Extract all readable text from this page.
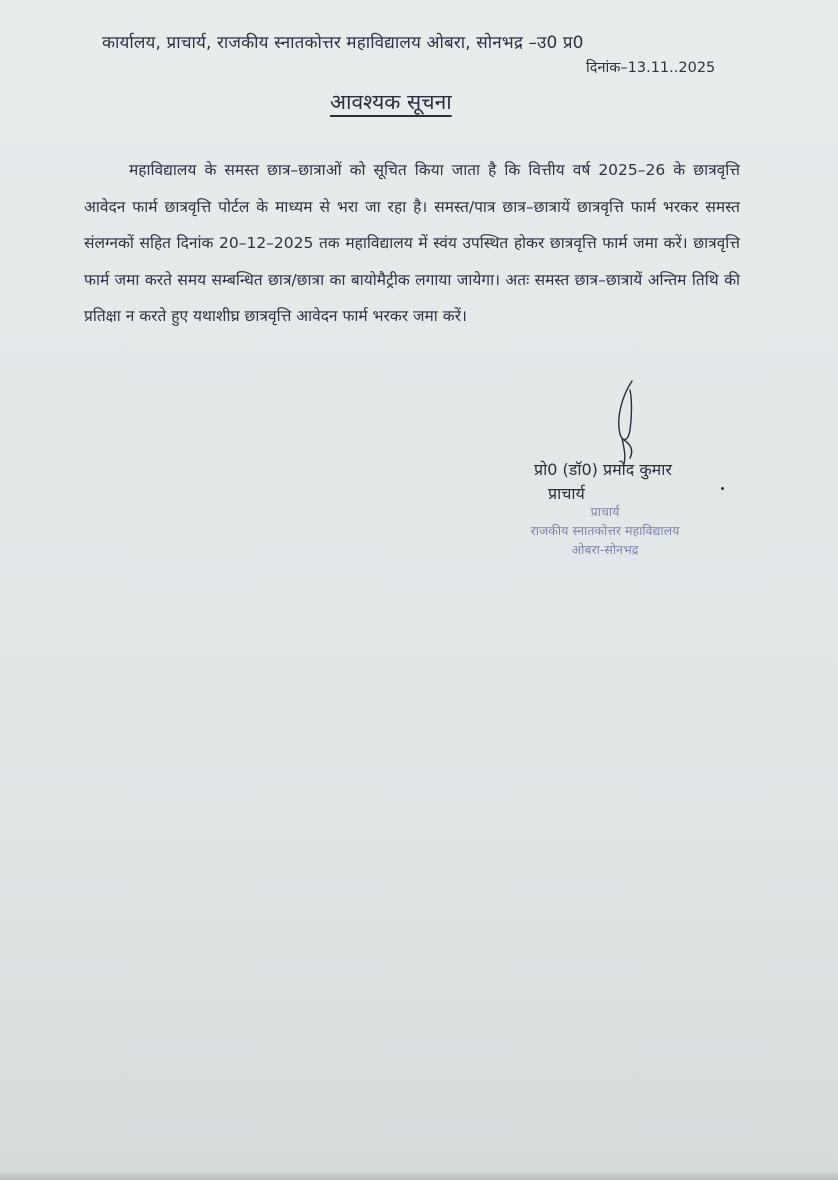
कार्यालय, प्राचार्य, राजकीय स्नातकोत्तर महाविद्यालय ओबरा, सोनभद्र –उ0 प्र0
दिनांक–13.11..2025
आवश्यक सूचना
महाविद्यालय के समस्त छात्र–छात्राओं को सूचित किया जाता है कि वित्तीय वर्ष 2025–26 के छात्रवृत्ति आवेदन फार्म छात्रवृत्ति पोर्टल के माध्यम से भरा जा रहा है। समस्त/पात्र छात्र–छात्रायें छात्रवृत्ति फार्म भरकर समस्त संलग्नकों सहित दिनांक 20–12–2025 तक महाविद्यालय में स्वंय उपस्थित होकर छात्रवृत्ति फार्म जमा करें। छात्रवृत्ति फार्म जमा करते समय सम्बन्धित छात्र/छात्रा का बायोमैट्रीक लगाया जायेगा। अतः समस्त छात्र–छात्रायें अन्तिम तिथि की प्रतिक्षा न करते हुए यथाशीघ्र छात्रवृत्ति आवेदन फार्म भरकर जमा करें।
प्रो0 (डॉ0) प्रमोद कुमार
प्राचार्य
प्राचार्य
राजकीय स्नातकोत्तर महाविद्यालय
ओबरा-सोनभद्र
